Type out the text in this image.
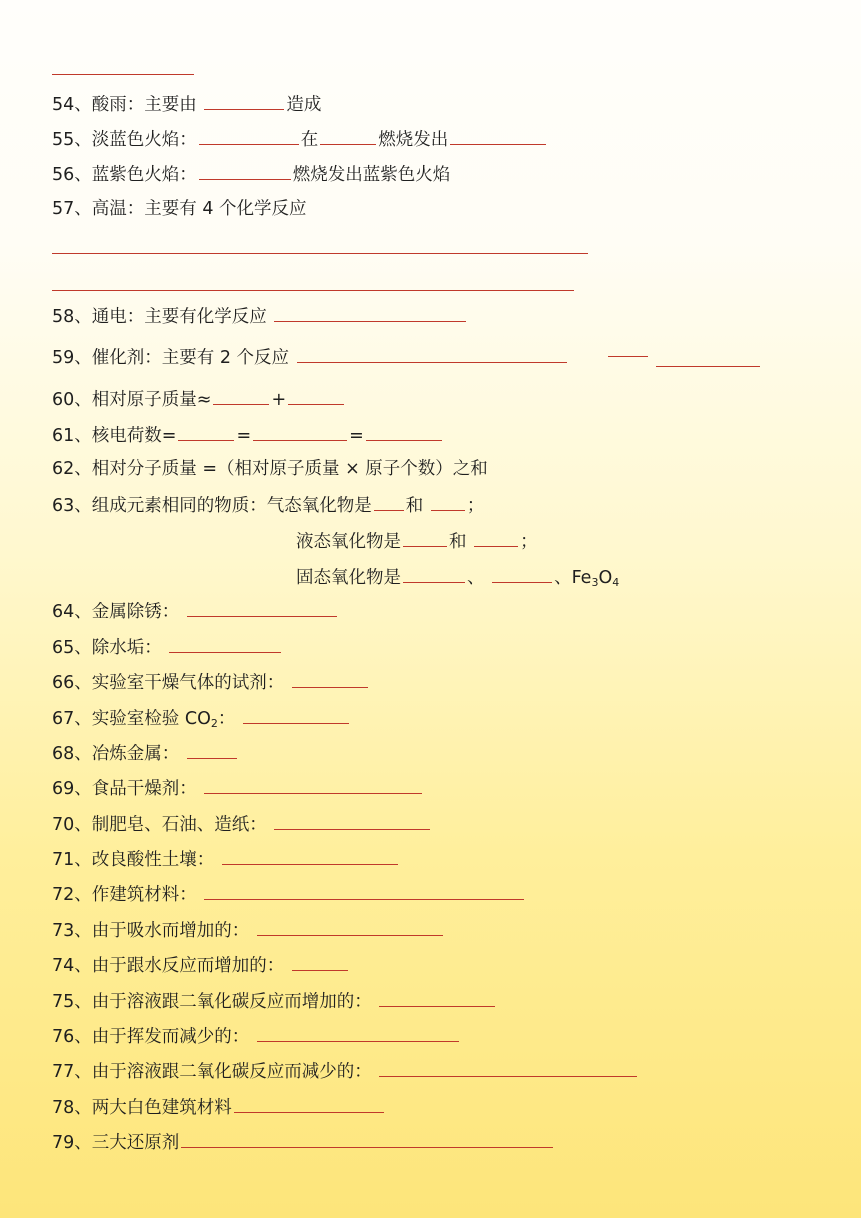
54、酸雨：主要由	造成
55、淡蓝色火焰：	在	燃烧发出
56、蓝紫色火焰：	燃烧发出蓝紫色火焰
57、高温：主要有 4 个化学反应
58、通电：主要有化学反应
59、催化剂：主要有 2 个反应
60、相对原子质量≈	+
61、核电荷数=	=	=
62、相对分子质量 =（相对原子质量 × 原子个数）之和
63、组成元素相同的物质：气态氧化物是 和 ；
液态氧化物是	和	；
固态氧化物是	、	、$Fe_3O_4$
64、金属除锈：
65、除水垢：
66、实验室干燥气体的试剂：
67、实验室检验 $CO_2$：
68、冶炼金属：
69、食品干燥剂：
70、制肥皂、石油、造纸：
71、改良酸性土壤：
72、作建筑材料：
73、由于吸水而增加的：
74、由于跟水反应而增加的：
75、由于溶液跟二氧化碳反应而增加的：
76、由于挥发而减少的：
77、由于溶液跟二氧化碳反应而减少的：
78、两大白色建筑材料
79、三大还原剂
